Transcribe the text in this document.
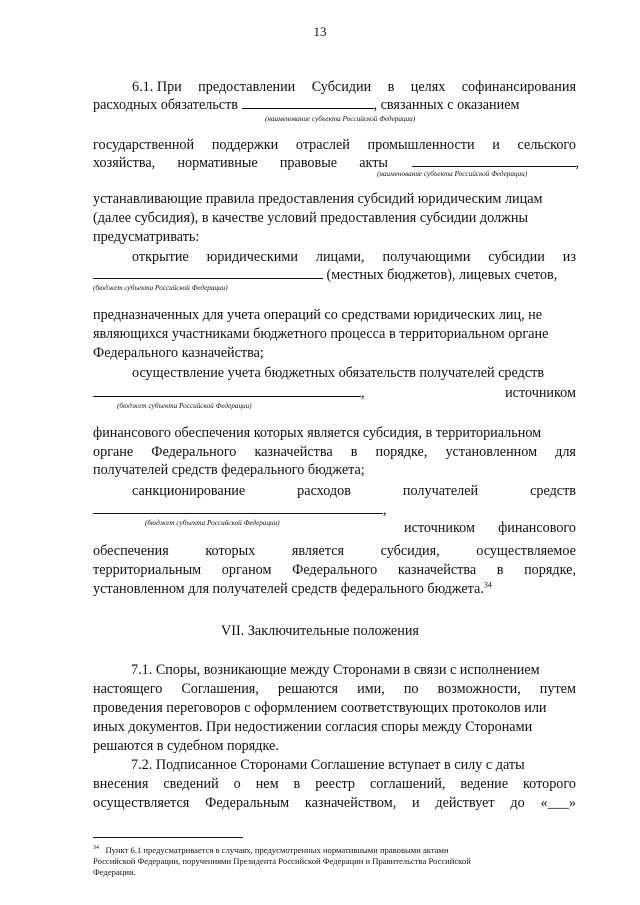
13
6.1. При предоставлении Субсидии в целях софинансирования
расходных обязательств	, связанных с оказанием
(наименование субъекта Российской Федерации)
государственной поддержки отраслей промышленности и сельского
хозяйства, нормативные правовые акты	,
(наименование субъекта Российской Федерации)
устанавливающие правила предоставления субсидий юридическим лицам
(далее субсидия), в качестве условий предоставления субсидии должны
предусматривать:
открытие юридическими лицами, получающими субсидии из
(местных бюджетов), лицевых счетов,
(бюджет субъекта Российской Федерации)
предназначенных для учета операций со средствами юридических лиц, не
являющихся участниками бюджетного процесса в территориальном органе
Федерального казначейства;
осуществление учета бюджетных обязательств получателей средств
,	источником
(бюджет субъекта Российской Федерации)
финансового обеспечения которых является субсидия, в территориальном
органе Федерального казначейства в порядке, установленном для
получателей средств федерального бюджета;
санкционирование	расходов	получателей	средств
,
источником финансового
(бюджет субъекта Российской Федерации)
обеспечения	которых	является	субсидия,	осуществляемое
территориальным органом Федерального казначейства в порядке,
установленном для получателей средств федерального бюджета.$^{34}$
VII. Заключительные положения
7.1. Споры, возникающие между Сторонами в связи с исполнением
настоящего Соглашения, решаются ими, по возможности, путем
проведения переговоров с оформлением соответствующих протоколов или
иных документов. При недостижении согласия споры между Сторонами
решаются в судебном порядке.
7.2. Подписанное Сторонами Соглашение вступает в силу с даты
внесения сведений о нем в реестр соглашений, ведение которого
осуществляется Федеральным казначейством, и действует до «___»
$^{34}$ Пункт 6.1 предусматривается в случаях, предусмотренных нормативными правовыми актами
Российской Федерации, поручениями Президента Российской Федерации и Правительства Российской
Федерации.
